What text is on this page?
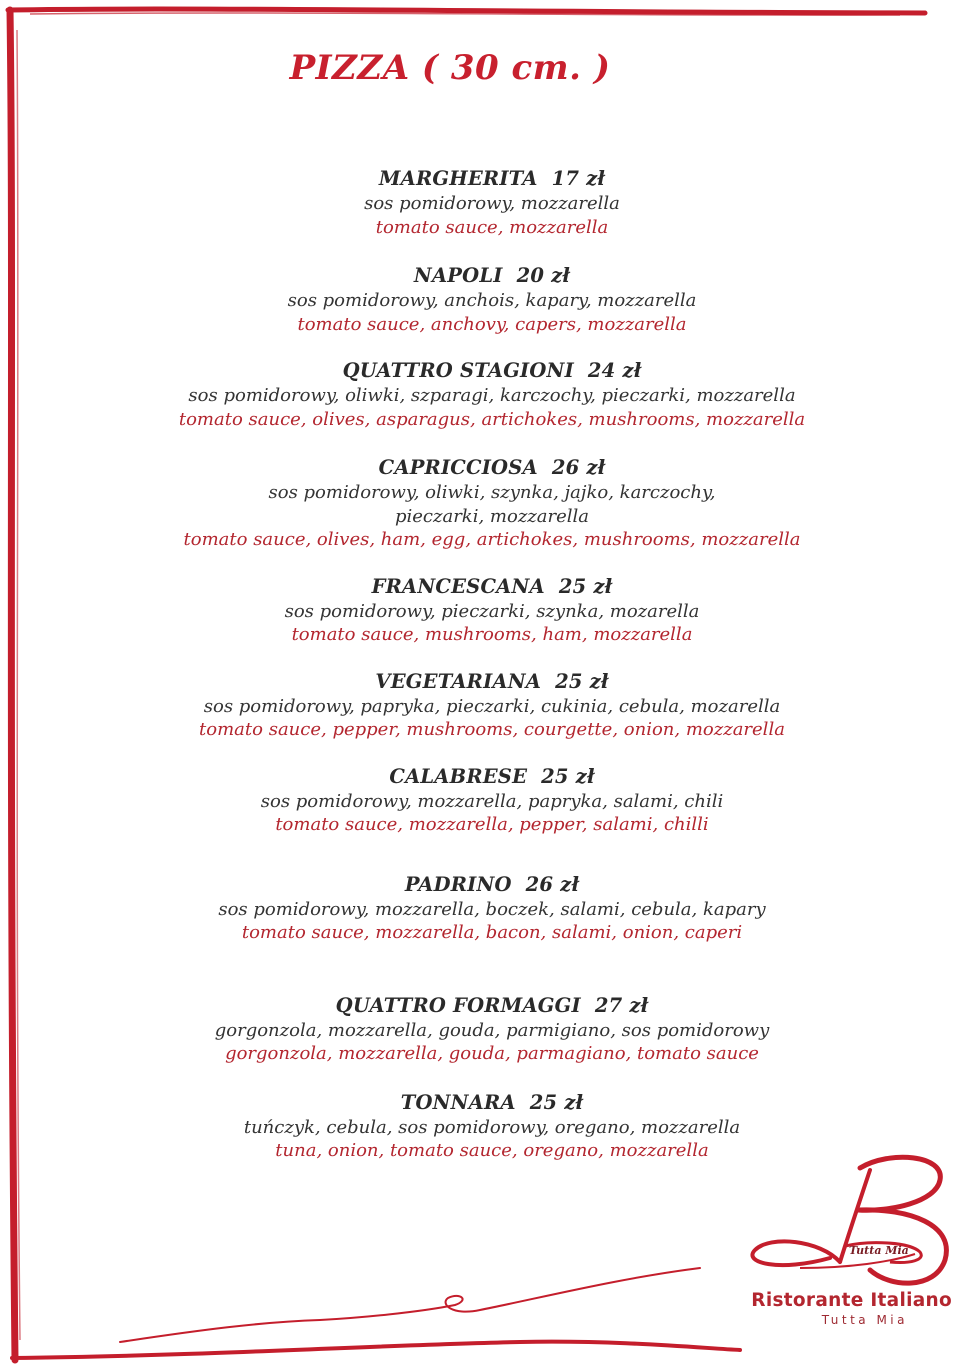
PIZZA ( 30 cm. )
MARGHERITA 17 zł
sos pomidorowy, mozzarella
tomato sauce, mozzarella
NAPOLI 20 zł
sos pomidorowy, anchois, kapary, mozzarella
tomato sauce, anchovy, capers, mozzarella
QUATTRO STAGIONI 24 zł
sos pomidorowy, oliwki, szparagi, karczochy, pieczarki, mozzarella
tomato sauce, olives, asparagus, artichokes, mushrooms, mozzarella
CAPRICCIOSA 26 zł
sos pomidorowy, oliwki, szynka, jajko, karczochy,
pieczarki, mozzarella
tomato sauce, olives, ham, egg, artichokes, mushrooms, mozzarella
FRANCESCANA 25 zł
sos pomidorowy, pieczarki, szynka, mozarella
tomato sauce, mushrooms, ham, mozzarella
VEGETARIANA 25 zł
sos pomidorowy, papryka, pieczarki, cukinia, cebula, mozarella
tomato sauce, pepper, mushrooms, courgette, onion, mozzarella
CALABRESE 25 zł
sos pomidorowy, mozzarella, papryka, salami, chili
tomato sauce, mozzarella, pepper, salami, chilli
PADRINO 26 zł
sos pomidorowy, mozzarella, boczek, salami, cebula, kapary
tomato sauce, mozzarella, bacon, salami, onion, caperi
QUATTRO FORMAGGI 27 zł
gorgonzola, mozzarella, gouda, parmigiano, sos pomidorowy
gorgonzola, mozzarella, gouda, parmagiano, tomato sauce
TONNARA 25 zł
tuńczyk, cebula, sos pomidorowy, oregano, mozzarella
tuna, onion, tomato sauce, oregano, mozzarella
Tutta Mia
Ristorante Italiano
Tutta Mia
